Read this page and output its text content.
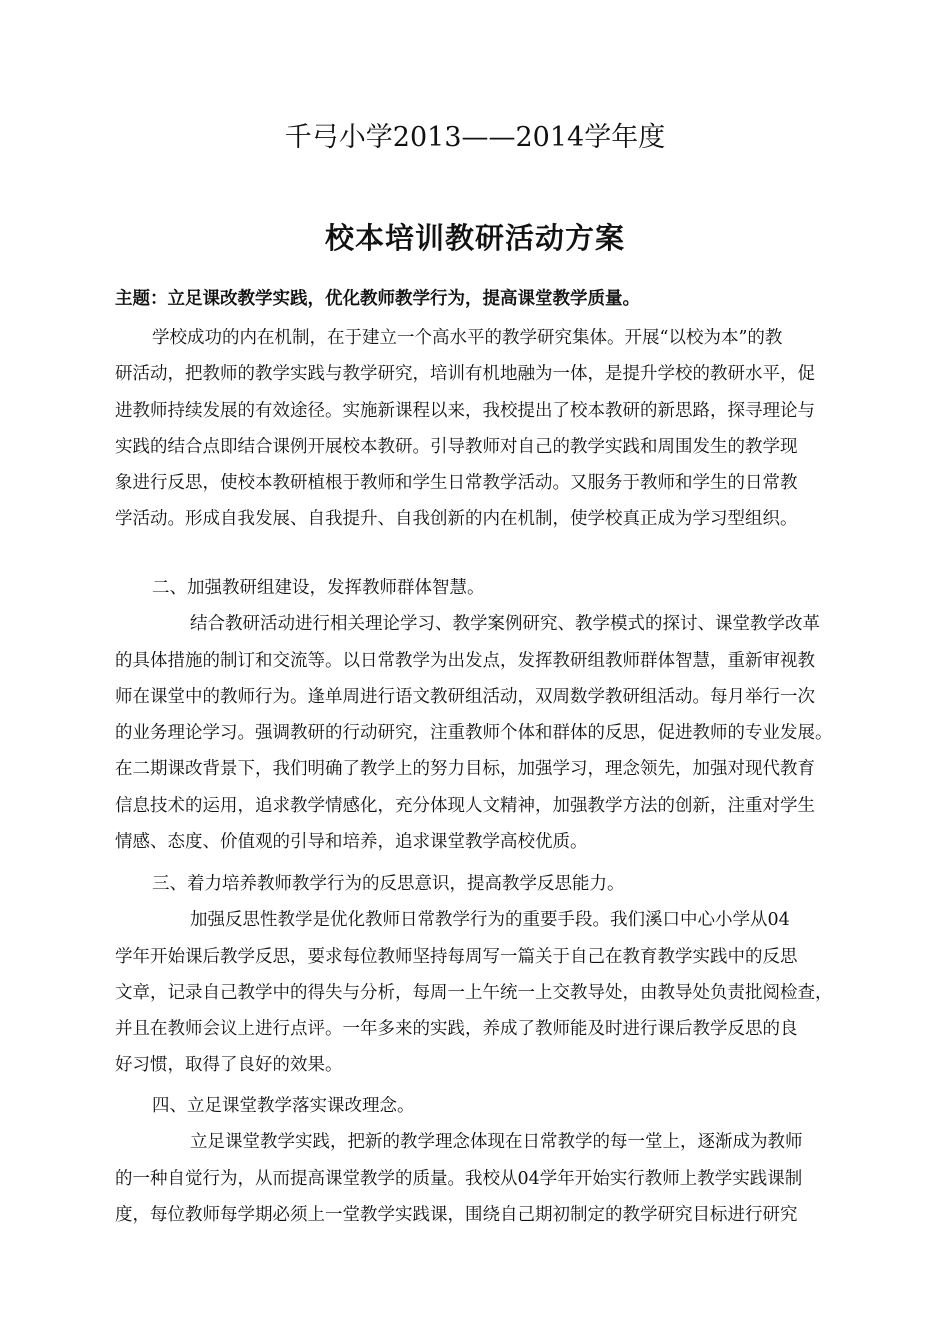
千弓小学2013——2014学年度
校本培训教研活动方案

主题：立足课改教学实践，优化教师教学行为，提高课堂教学质量。

学校成功的内在机制，在于建立一个高水平的教学研究集体。开展“以校为本”的教
研活动，把教师的教学实践与教学研究，培训有机地融为一体，是提升学校的教研水平，促
进教师持续发展的有效途径。实施新课程以来，我校提出了校本教研的新思路，探寻理论与
实践的结合点即结合课例开展校本教研。引导教师对自己的教学实践和周围发生的教学现
象进行反思，使校本教研植根于教师和学生日常教学活动。又服务于教师和学生的日常教
学活动。形成自我发展、自我提升、自我创新的内在机制，使学校真正成为学习型组织。
二、加强教研组建设，发挥教师群体智慧。
结合教研活动进行相关理论学习、教学案例研究、教学模式的探讨、课堂教学改革
的具体措施的制订和交流等。以日常教学为出发点，发挥教研组教师群体智慧，重新审视教
师在课堂中的教师行为。逢单周进行语文教研组活动，双周数学教研组活动。每月举行一次
的业务理论学习。强调教研的行动研究，注重教师个体和群体的反思，促进教师的专业发展。
在二期课改背景下，我们明确了教学上的努力目标，加强学习，理念领先，加强对现代教育
信息技术的运用，追求教学情感化，充分体现人文精神，加强教学方法的创新，注重对学生
情感、态度、价值观的引导和培养，追求课堂教学高校优质。
三、着力培养教师教学行为的反思意识，提高教学反思能力。
加强反思性教学是优化教师日常教学行为的重要手段。我们溪口中心小学从04
学年开始课后教学反思，要求每位教师坚持每周写一篇关于自己在教育教学实践中的反思
文章，记录自己教学中的得失与分析，每周一上午统一上交教导处，由教导处负责批阅检查，
并且在教师会议上进行点评。一年多来的实践，养成了教师能及时进行课后教学反思的良
好习惯，取得了良好的效果。
四、立足课堂教学落实课改理念。
立足课堂教学实践，把新的教学理念体现在日常教学的每一堂上，逐渐成为教师
的一种自觉行为，从而提高课堂教学的质量。我校从04学年开始实行教师上教学实践课制
度，每位教师每学期必须上一堂教学实践课，围绕自己期初制定的教学研究目标进行研究
